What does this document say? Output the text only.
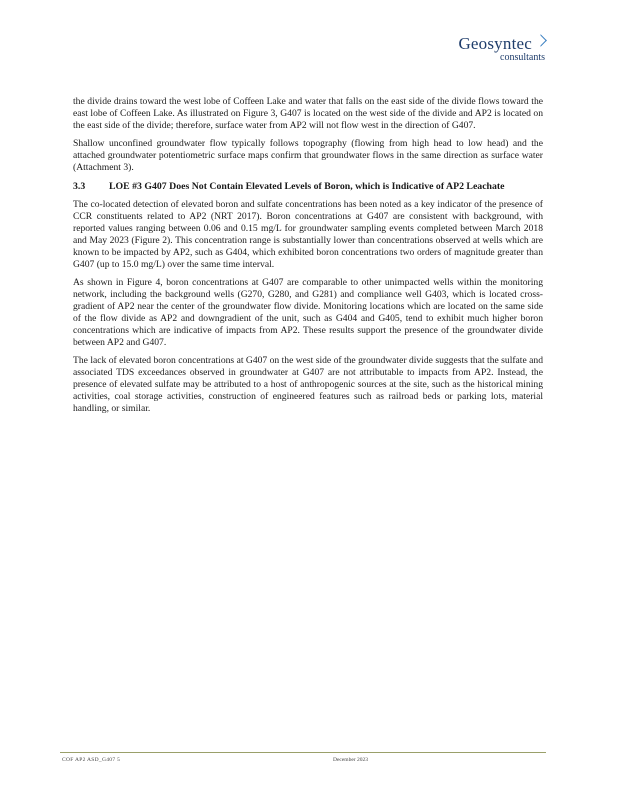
Geosyntec
consultants

the divide drains toward the west lobe of Coffeen Lake and water that falls on the east side of the divide flows toward the east lobe of Coffeen Lake. As illustrated on Figure 3, G407 is located on the west side of the divide and AP2 is located on the east side of the divide; therefore, surface water from AP2 will not flow west in the direction of G407.

Shallow unconfined groundwater flow typically follows topography (flowing from high head to low head) and the attached groundwater potentiometric surface maps confirm that groundwater flows in the same direction as surface water (Attachment 3).

3.3	LOE #3 G407 Does Not Contain Elevated Levels of Boron, which is Indicative of AP2 Leachate

The co-located detection of elevated boron and sulfate concentrations has been noted as a key indicator of the presence of CCR constituents related to AP2 (NRT 2017). Boron concentrations at G407 are consistent with background, with reported values ranging between 0.06 and 0.15 mg/L for groundwater sampling events completed between March 2018 and May 2023 (Figure 2). This concentration range is substantially lower than concentrations observed at wells which are known to be impacted by AP2, such as G404, which exhibited boron concentrations two orders of magnitude greater than G407 (up to 15.0 mg/L) over the same time interval.

As shown in Figure 4, boron concentrations at G407 are comparable to other unimpacted wells within the monitoring network, including the background wells (G270, G280, and G281) and compliance well G403, which is located cross-gradient of AP2 near the center of the groundwater flow divide. Monitoring locations which are located on the same side of the flow divide as AP2 and downgradient of the unit, such as G404 and G405, tend to exhibit much higher boron concentrations which are indicative of impacts from AP2. These results support the presence of the groundwater divide between AP2 and G407.

The lack of elevated boron concentrations at G407 on the west side of the groundwater divide suggests that the sulfate and associated TDS exceedances observed in groundwater at G407 are not attributable to impacts from AP2. Instead, the presence of elevated sulfate may be attributed to a host of anthropogenic sources at the site, such as the historical mining activities, coal storage activities, construction of engineered features such as railroad beds or parking lots, material handling, or similar.

COF AP2 ASD_G407 5	December 2023
